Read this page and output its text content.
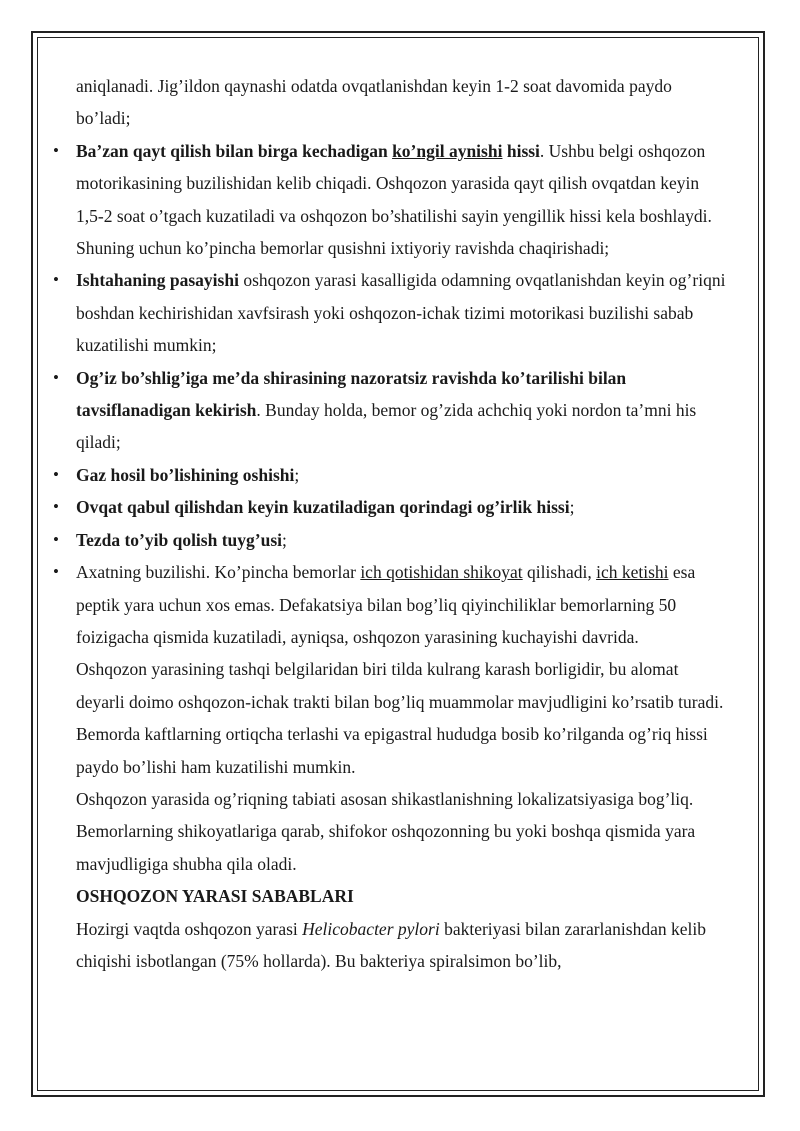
aniqlanadi. Jig’ildon qaynashi odatda ovqatlanishdan keyin 1-2 soat davomida paydo bo’ladi;

• Ba’zan qayt qilish bilan birga kechadigan ko’ngil aynishi hissi. Ushbu belgi oshqozon motorikasining buzilishidan kelib chiqadi. Oshqozon yarasida qayt qilish ovqatdan keyin 1,5-2 soat o’tgach kuzatiladi va oshqozon bo’shatilishi sayin yengillik hissi kela boshlaydi. Shuning uchun ko’pincha bemorlar qusishni ixtiyoriy ravishda chaqirishadi;
• Ishtahaning pasayishi oshqozon yarasi kasalligida odamning ovqatlanishdan keyin og’riqni boshdan kechirishidan xavfsirash yoki oshqozon-ichak tizimi motorikasi buzilishi sabab kuzatilishi mumkin;
• Og’iz bo’shlig’iga me’da shirasining nazoratsiz ravishda ko’tarilishi bilan tavsiflanadigan kekirish. Bunday holda, bemor og’zida achchiq yoki nordon ta’mni his qiladi;
• Gaz hosil bo’lishining oshishi;
• Ovqat qabul qilishdan keyin kuzatiladigan qorindagi og’irlik hissi;
• Tezda to’yib qolish tuyg’usi;
• Axatning buzilishi. Ko’pincha bemorlar ich qotishidan shikoyat qilishadi, ich ketishi esa peptik yara uchun xos emas. Defakatsiya bilan bog’liq qiyinchiliklar bemorlarning 50 foizigacha qismida kuzatiladi, ayniqsa, oshqozon yarasining kuchayishi davrida.

Oshqozon yarasining tashqi belgilaridan biri tilda kulrang karash borligidir, bu alomat deyarli doimo oshqozon-ichak trakti bilan bog’liq muammolar mavjudligini ko’rsatib turadi. Bemorda kaftlarning ortiqcha terlashi va epigastral hududga bosib ko’rilganda og’riq hissi paydo bo’lishi ham kuzatilishi mumkin.

Oshqozon yarasida og’riqning tabiati asosan shikastlanishning lokalizatsiyasiga bog’liq. Bemorlarning shikoyatlariga qarab, shifokor oshqozonning bu yoki boshqa qismida yara mavjudligiga shubha qila oladi.

OSHQOZON YARASI SABABLARI

Hozirgi vaqtda oshqozon yarasi Helicobacter pylori bakteriyasi bilan zararlanishdan kelib chiqishi isbotlangan (75% hollarda). Bu bakteriya spiralsimon bo’lib,
